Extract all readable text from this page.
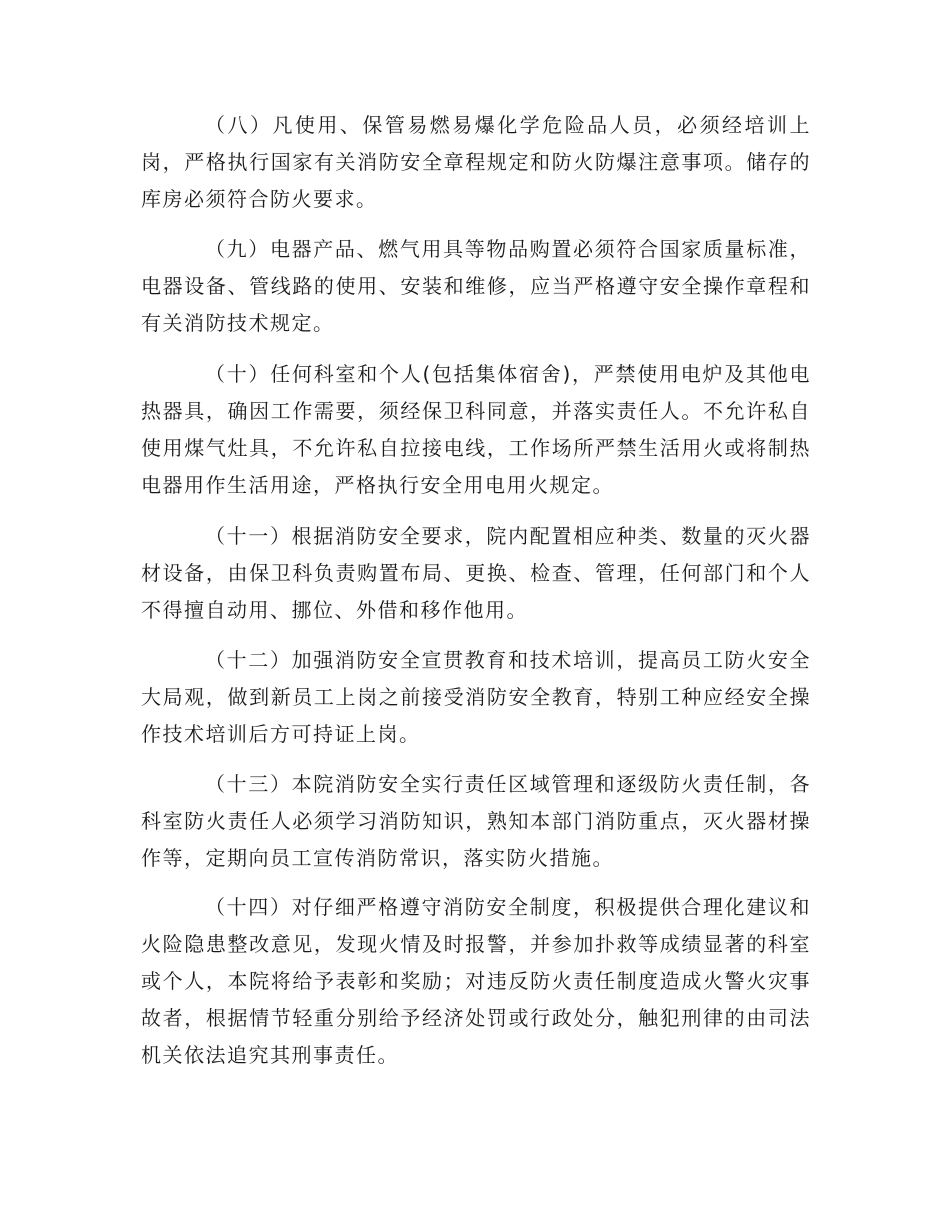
（八）凡使用、保管易燃易爆化学危险品人员，必须经培训上岗，严格执行国家有关消防安全章程规定和防火防爆注意事项。储存的库房必须符合防火要求。

（九）电器产品、燃气用具等物品购置必须符合国家质量标准，电器设备、管线路的使用、安装和维修，应当严格遵守安全操作章程和有关消防技术规定。

（十）任何科室和个人(包括集体宿舍)，严禁使用电炉及其他电热器具，确因工作需要，须经保卫科同意，并落实责任人。不允许私自使用煤气灶具，不允许私自拉接电线，工作场所严禁生活用火或将制热电器用作生活用途，严格执行安全用电用火规定。

（十一）根据消防安全要求，院内配置相应种类、数量的灭火器材设备，由保卫科负责购置布局、更换、检查、管理，任何部门和个人不得擅自动用、挪位、外借和移作他用。

（十二）加强消防安全宣贯教育和技术培训，提高员工防火安全大局观，做到新员工上岗之前接受消防安全教育，特别工种应经安全操作技术培训后方可持证上岗。

（十三）本院消防安全实行责任区域管理和逐级防火责任制，各科室防火责任人必须学习消防知识，熟知本部门消防重点，灭火器材操作等，定期向员工宣传消防常识，落实防火措施。

（十四）对仔细严格遵守消防安全制度，积极提供合理化建议和火险隐患整改意见，发现火情及时报警，并参加扑救等成绩显著的科室或个人，本院将给予表彰和奖励；对违反防火责任制度造成火警火灾事故者，根据情节轻重分别给予经济处罚或行政处分，触犯刑律的由司法机关依法追究其刑事责任。
